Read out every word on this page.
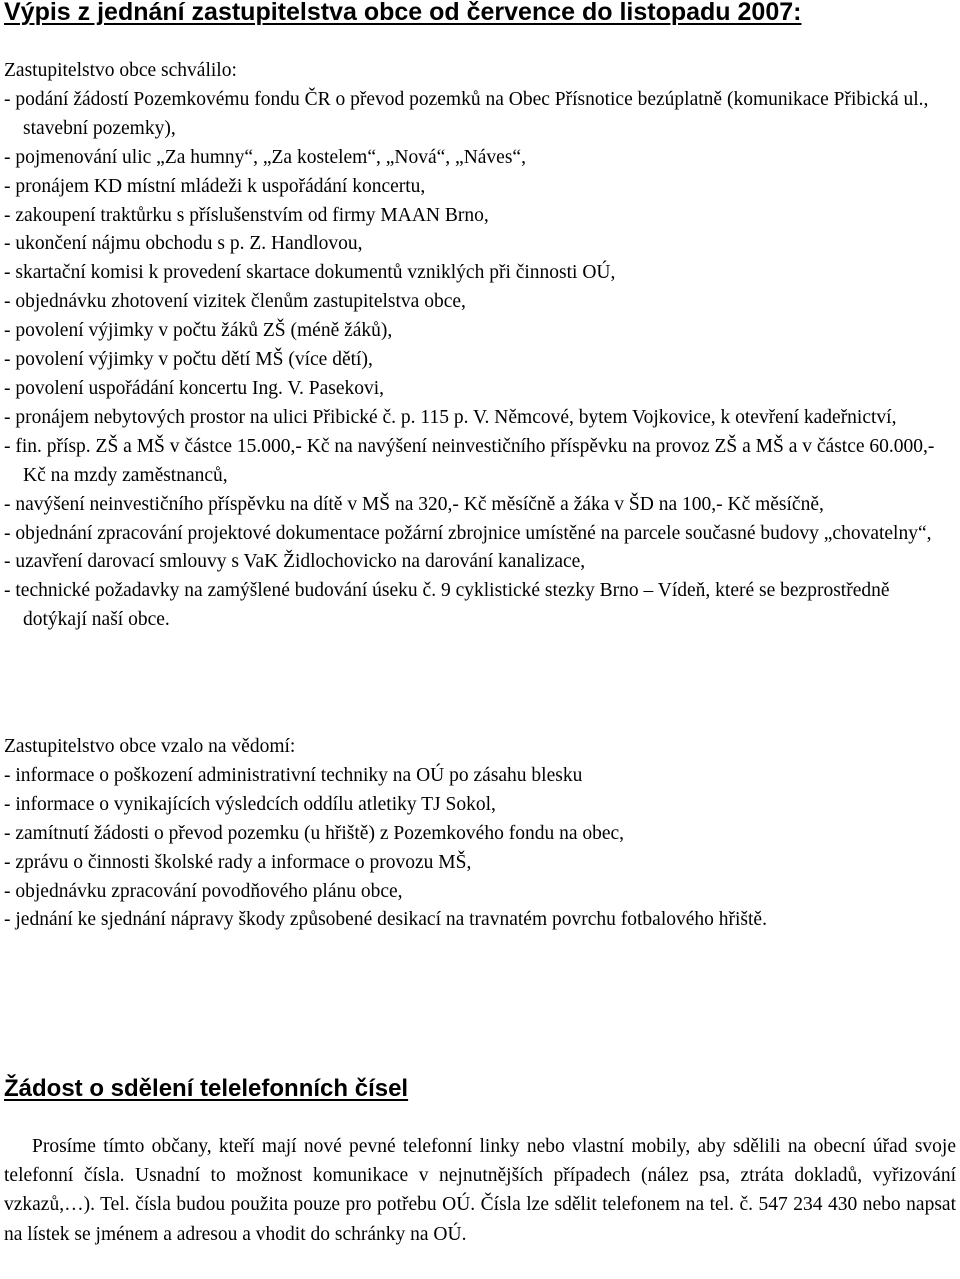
Výpis z jednání zastupitelstva obce od července do listopadu 2007:

Zastupitelstvo obce schválilo:

- podání žádostí Pozemkovému fondu ČR o převod pozemků na Obec Přísnotice bezúplatně (komunikace Přibická ul., stavební pozemky),
- pojmenování ulic „Za humny“, „Za kostelem“, „Nová“, „Náves“,
- pronájem KD místní mládeži k uspořádání koncertu,
- zakoupení traktůrku s příslušenstvím od firmy MAAN Brno,
- ukončení nájmu obchodu s p. Z. Handlovou,
- skartační komisi k provedení skartace dokumentů vzniklých při činnosti OÚ,
- objednávku zhotovení vizitek členům zastupitelstva obce,
- povolení výjimky v počtu žáků ZŠ (méně žáků),
- povolení výjimky v počtu dětí MŠ (více dětí),
- povolení uspořádání koncertu Ing. V. Pasekovi,
- pronájem nebytových prostor na ulici Přibické č. p. 115 p. V. Němcové, bytem Vojkovice, k otevření kadeřnictví,
- fin. přísp. ZŠ a MŠ v částce 15.000,- Kč na navýšení neinvestičního příspěvku na provoz ZŠ a MŠ a v částce 60.000,- Kč na mzdy zaměstnanců,
- navýšení neinvestičního příspěvku na dítě v MŠ na 320,- Kč měsíčně a žáka v ŠD na 100,- Kč měsíčně,
- objednání zpracování projektové dokumentace požární zbrojnice umístěné na parcele současné budovy „chovatelny“,
- uzavření darovací smlouvy s VaK Židlochovicko na darování kanalizace,
- technické požadavky na zamýšlené budování úseku č. 9 cyklistické stezky Brno – Vídeň, které se bezprostředně dotýkají naší obce.

Zastupitelstvo obce vzalo na vědomí:

- informace o poškození administrativní techniky na OÚ po zásahu blesku
- informace o vynikajících výsledcích oddílu atletiky TJ Sokol,
- zamítnutí žádosti o převod pozemku (u hřiště) z Pozemkového fondu na obec,
- zprávu o činnosti školské rady a informace o provozu MŠ,
- objednávku zpracování povodňového plánu obce,
- jednání ke sjednání nápravy škody způsobené desikací na travnatém povrchu fotbalového hřiště.
Žádost o sdělení telelefonních čísel

Prosíme tímto občany, kteří mají nové pevné telefonní linky nebo vlastní mobily, aby sdělili na obecní úřad svoje telefonní čísla. Usnadní to možnost komunikace v nejnutnějších případech (nález psa, ztráta dokladů, vyřizování vzkazů,…). Tel. čísla budou použita pouze pro potřebu OÚ. Čísla lze sdělit telefonem na tel. č. 547 234 430 nebo napsat na lístek se jménem a adresou a vhodit do schránky na OÚ.
